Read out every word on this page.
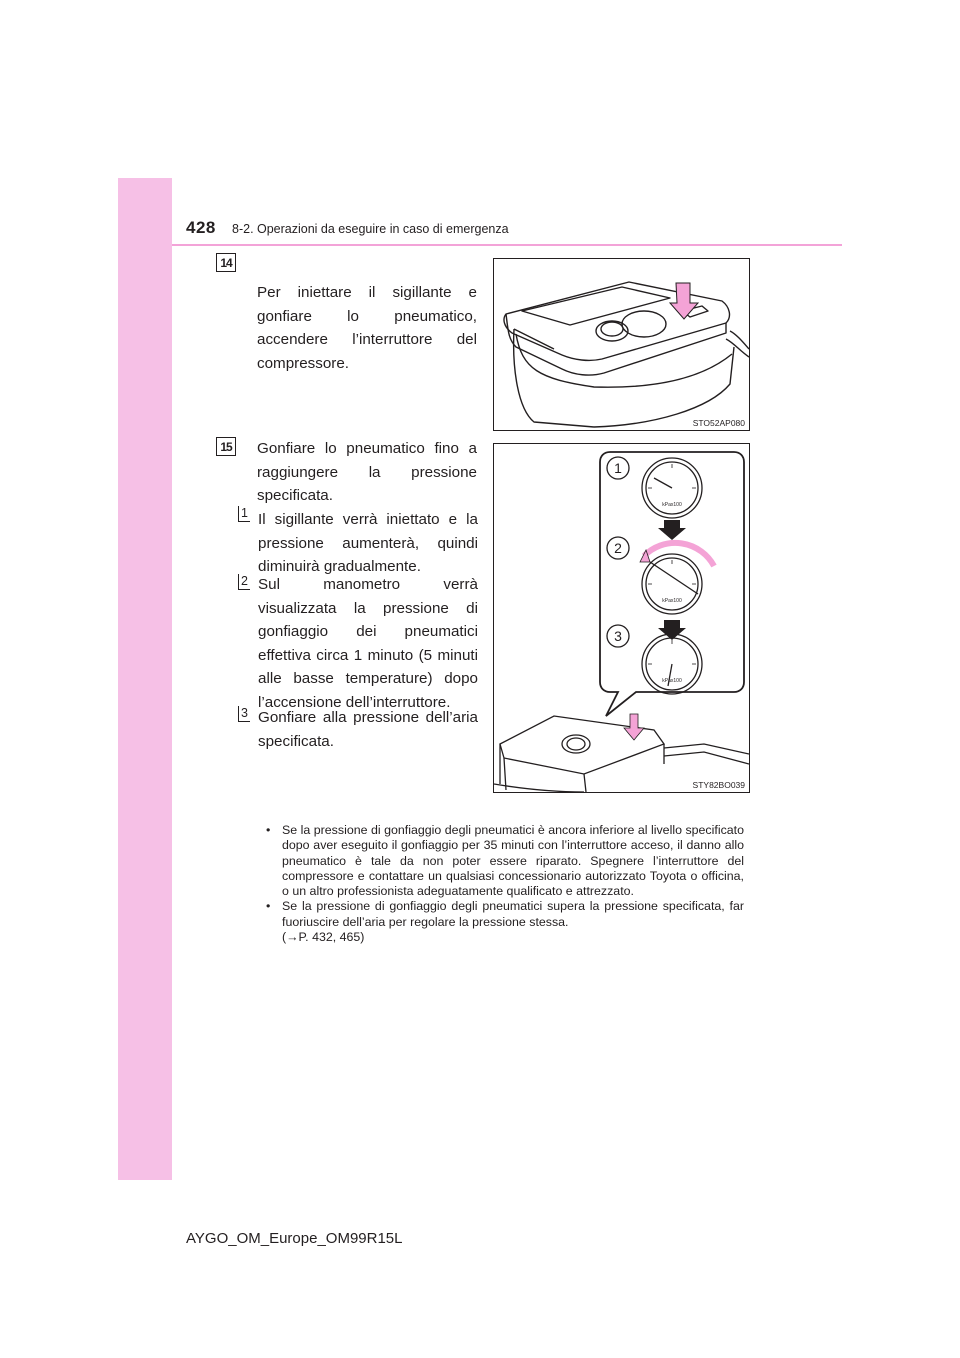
428 8-2. Operazioni da eseguire in caso di emergenza
14
Per iniettare il sigillante e gonfiare lo pneumatico, accendere l’interruttore del compressore.
STO52AP080
15 Gonfiare lo pneumatico fino a raggiungere la pressione specificata.
1 Il sigillante verrà iniettato e la pressione aumenterà, quindi diminuirà gradualmente.
2 Sul manometro verrà visualizzata la pressione di gonfiaggio dei pneumatici effettiva circa 1 minuto (5 minuti alle basse temperature) dopo l’accensione dell’interruttore.
3 Gonfiare alla pressione dell’aria specificata.
1
2
3
kPax100
kPax100
kPax100
STY82BO039
• Se la pressione di gonfiaggio degli pneumatici è ancora inferiore al livello specificato dopo aver eseguito il gonfiaggio per 35 minuti con l’interruttore acceso, il danno allo pneumatico è tale da non poter essere riparato. Spegnere l’interruttore del compressore e contattare un qualsiasi concessionario autorizzato Toyota o officina, o un altro professionista adeguatamente qualificato e attrezzato.
• Se la pressione di gonfiaggio degli pneumatici supera la pressione specificata, far fuoriuscire dell’aria per regolare la pressione stessa.
(→P. 432, 465)
AYGO_OM_Europe_OM99R15L
